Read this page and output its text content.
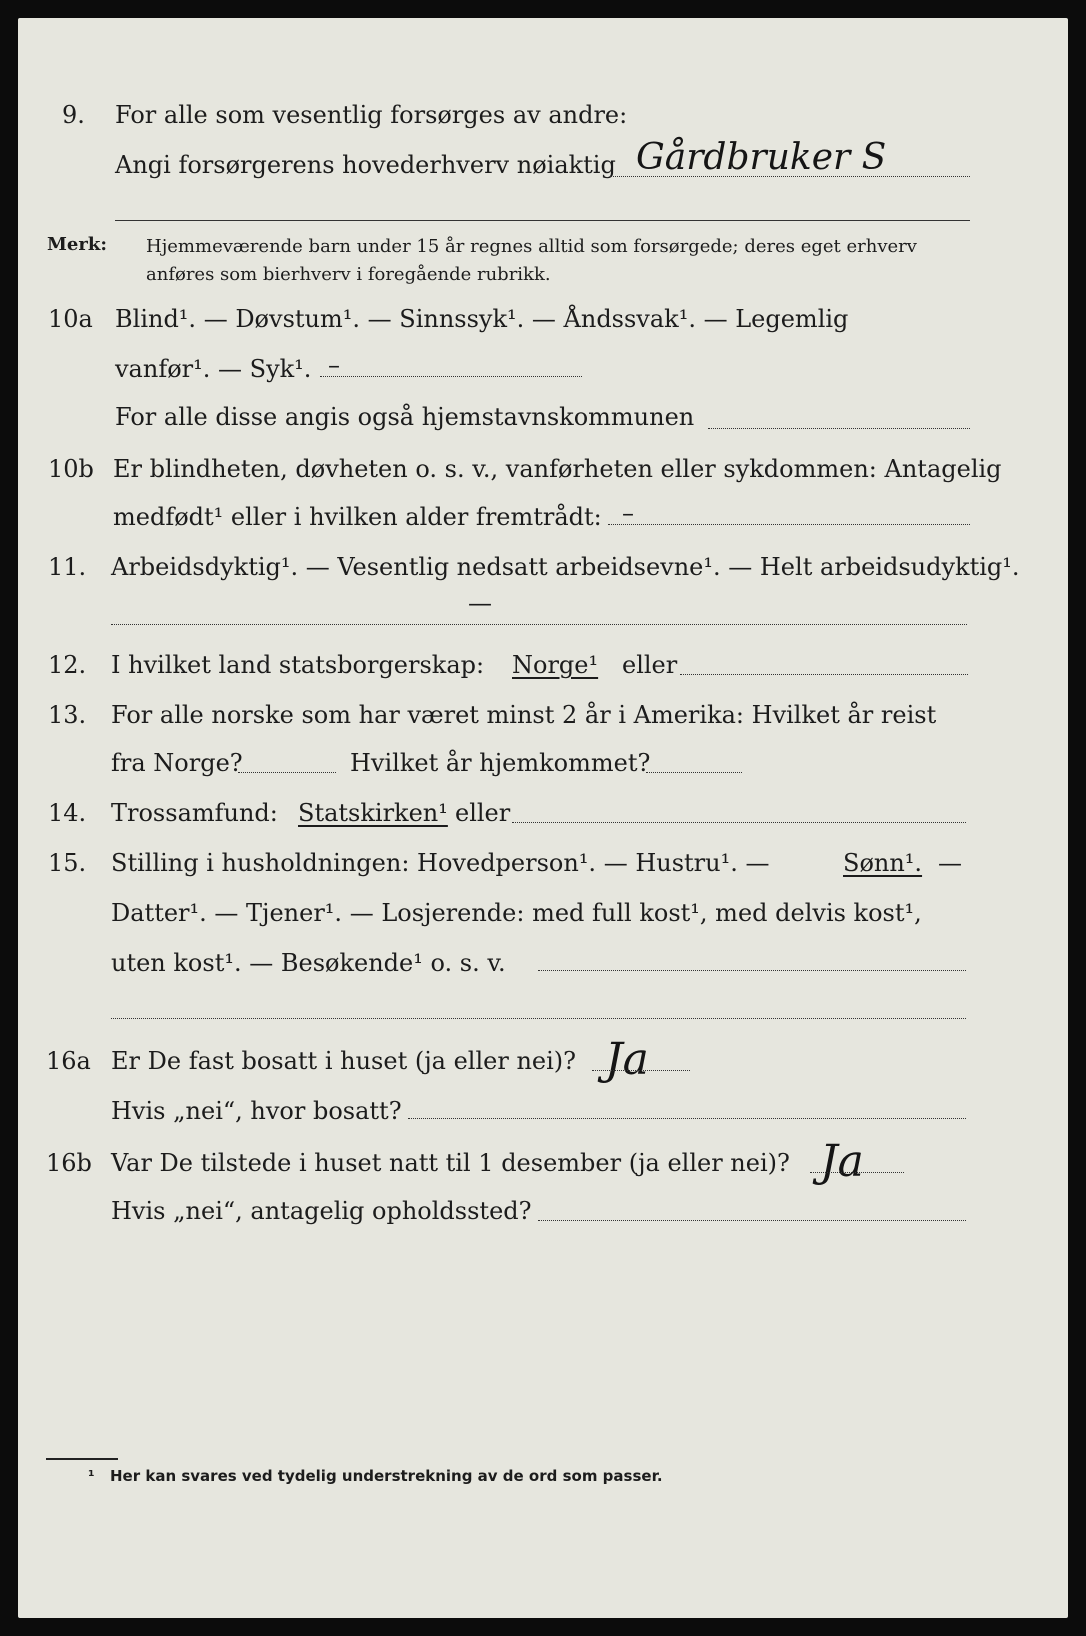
9. For alle som vesentlig forsørges av andre:
Angi forsørgerens hovederhverv nøiaktig Gårdbruker S
Merk: Hjemmeværende barn under 15 år regnes alltid som forsørgede; deres eget erhverv
anføres som bierhverv i foregående rubrikk.
10a Blind¹. — Døvstum¹. — Sinnssyk¹. — Åndssvak¹. — Legemlig
vanfør¹. — Syk¹. –
For alle disse angis også hjemstavnskommunen
10b Er blindheten, døvheten o. s. v., vanførheten eller sykdommen: Antagelig
medfødt¹ eller i hvilken alder fremtrådt: –
11. Arbeidsdyktig¹. — Vesentlig nedsatt arbeidsevne¹. — Helt arbeidsudyktig¹.
—
12. I hvilket land statsborgerskap: Norge¹ eller
13. For alle norske som har været minst 2 år i Amerika: Hvilket år reist
fra Norge?	Hvilket år hjemkommet?
14. Trossamfund: Statskirken¹ eller
15. Stilling i husholdningen: Hovedperson¹. — Hustru¹. —	Sønn¹. —
Datter¹. — Tjener¹. — Losjerende: med full kost¹, med delvis kost¹,
uten kost¹. — Besøkende¹ o. s. v.
16a Er De fast bosatt i huset (ja eller nei)? Ja
Hvis „nei“, hvor bosatt?
16b Var De tilstede i huset natt til 1 desember (ja eller nei)? Ja
Hvis „nei“, antagelig opholdssted?
¹ Her kan svares ved tydelig understrekning av de ord som passer.
